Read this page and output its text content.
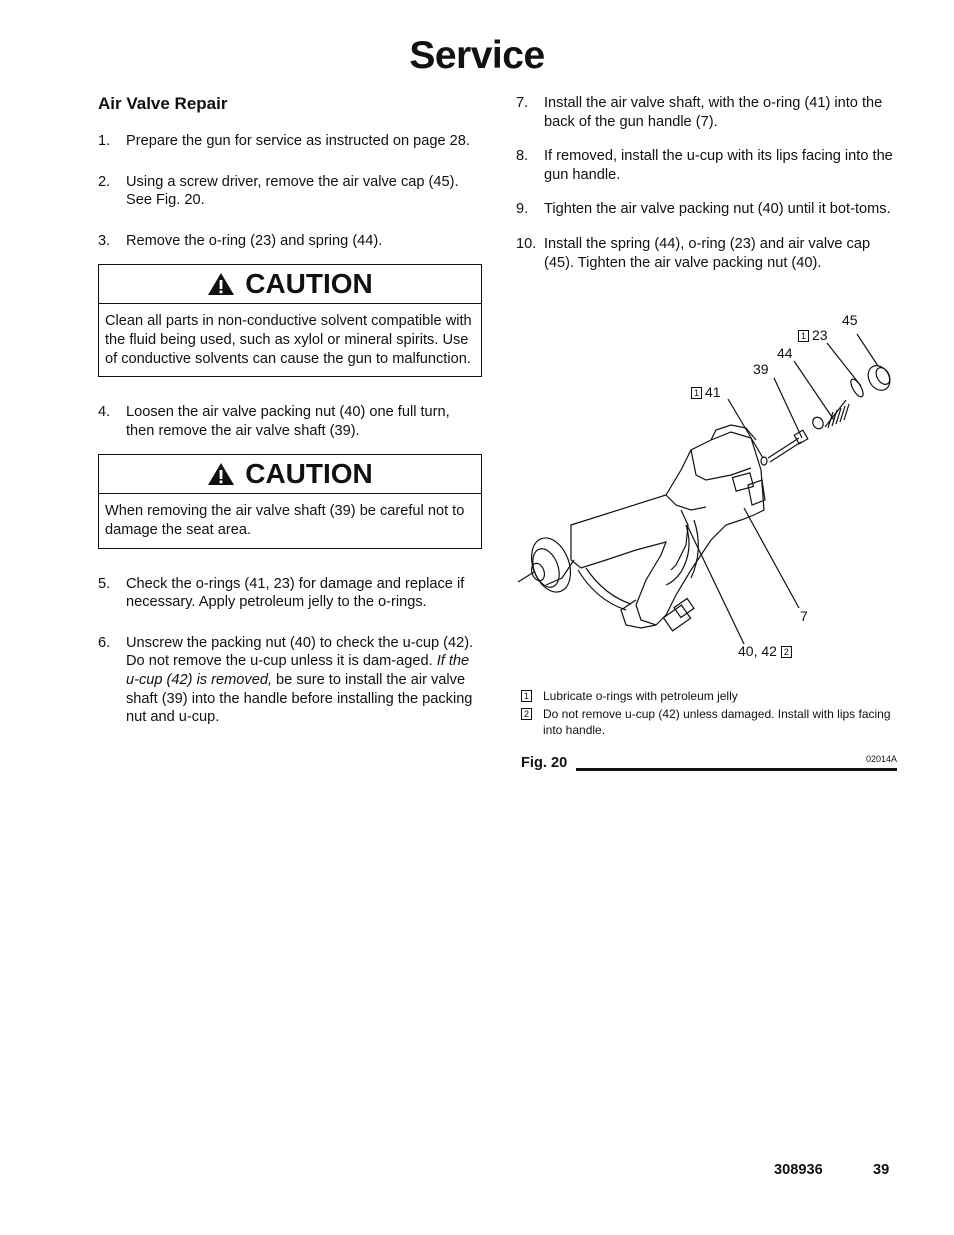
Service
Air Valve Repair
1.	Prepare the gun for service as instructed on page 28.
2.	Using a screw driver, remove the air valve cap (45). See Fig. 20.
3.	Remove the o-ring (23) and spring (44).
CAUTION
Clean all parts in non-conductive solvent compatible with the fluid being used, such as xylol or mineral spirits. Use of conductive solvents can cause the gun to malfunction.
4.	Loosen the air valve packing nut (40) one full turn, then remove the air valve shaft (39).
CAUTION
When removing the air valve shaft (39) be careful not to damage the seat area.
5.	Check the o-rings (41, 23) for damage and replace if necessary. Apply petroleum jelly to the o-rings.
6.	Unscrew the packing nut (40) to check the u-cup (42). Do not remove the u-cup unless it is dam-aged. If the u-cup (42) is removed, be sure to install the air valve shaft (39) into the handle before installing the packing nut and u-cup.
7.	Install the air valve shaft, with the o-ring (41) into the back of the gun handle (7).
8.	If removed, install the u-cup with its lips facing into the gun handle.
9.	Tighten the air valve packing nut (40) until it bot-toms.
10. Install the spring (44), o-ring (23) and air valve cap (45). Tighten the air valve packing nut (40).
45
1 23
44
39
1 41
7
40, 42 2
1 Lubricate o-rings with petroleum jelly
2 Do not remove u-cup (42) unless damaged. Install with lips facing into handle.
Fig. 20	02014A
308936	39
